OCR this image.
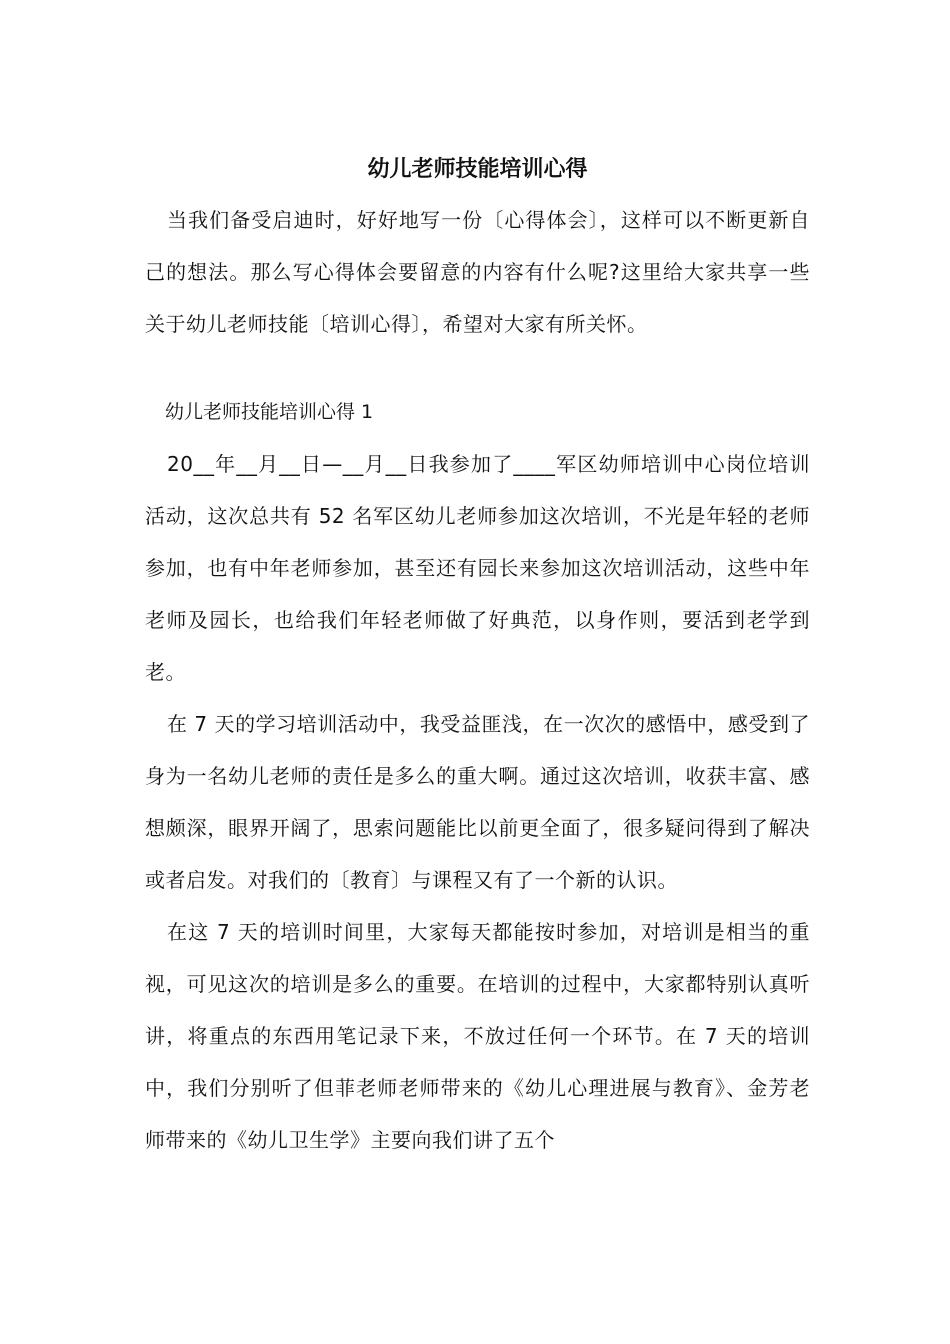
幼儿老师技能培训心得

当我们备受启迪时，好好地写一份〔心得体会〕，这样可以不断更新自己的想法。那么写心得体会要留意的内容有什么呢?这里给大家共享一些关于幼儿老师技能〔培训心得〕，希望对大家有所关怀。

幼儿老师技能培训心得 1

20__年__月__日—__月__日我参加了____军区幼师培训中心岗位培训活动，这次总共有 52 名军区幼儿老师参加这次培训，不光是年轻的老师参加，也有中年老师参加，甚至还有园长来参加这次培训活动，这些中年老师及园长，也给我们年轻老师做了好典范，以身作则，要活到老学到老。

在 7 天的学习培训活动中，我受益匪浅，在一次次的感悟中，感受到了身为一名幼儿老师的责任是多么的重大啊。通过这次培训，收获丰富、感想颇深，眼界开阔了，思索问题能比以前更全面了，很多疑问得到了解决或者启发。对我们的〔教育〕与课程又有了一个新的认识。

在这 7 天的培训时间里，大家每天都能按时参加，对培训是相当的重视，可见这次的培训是多么的重要。在培训的过程中，大家都特别认真听讲，将重点的东西用笔记录下来，不放过任何一个环节。在 7 天的培训中，我们分别听了但菲老师老师带来的《幼儿心理进展与教育》、金芳老师带来的《幼儿卫生学》主要向我们讲了五个
